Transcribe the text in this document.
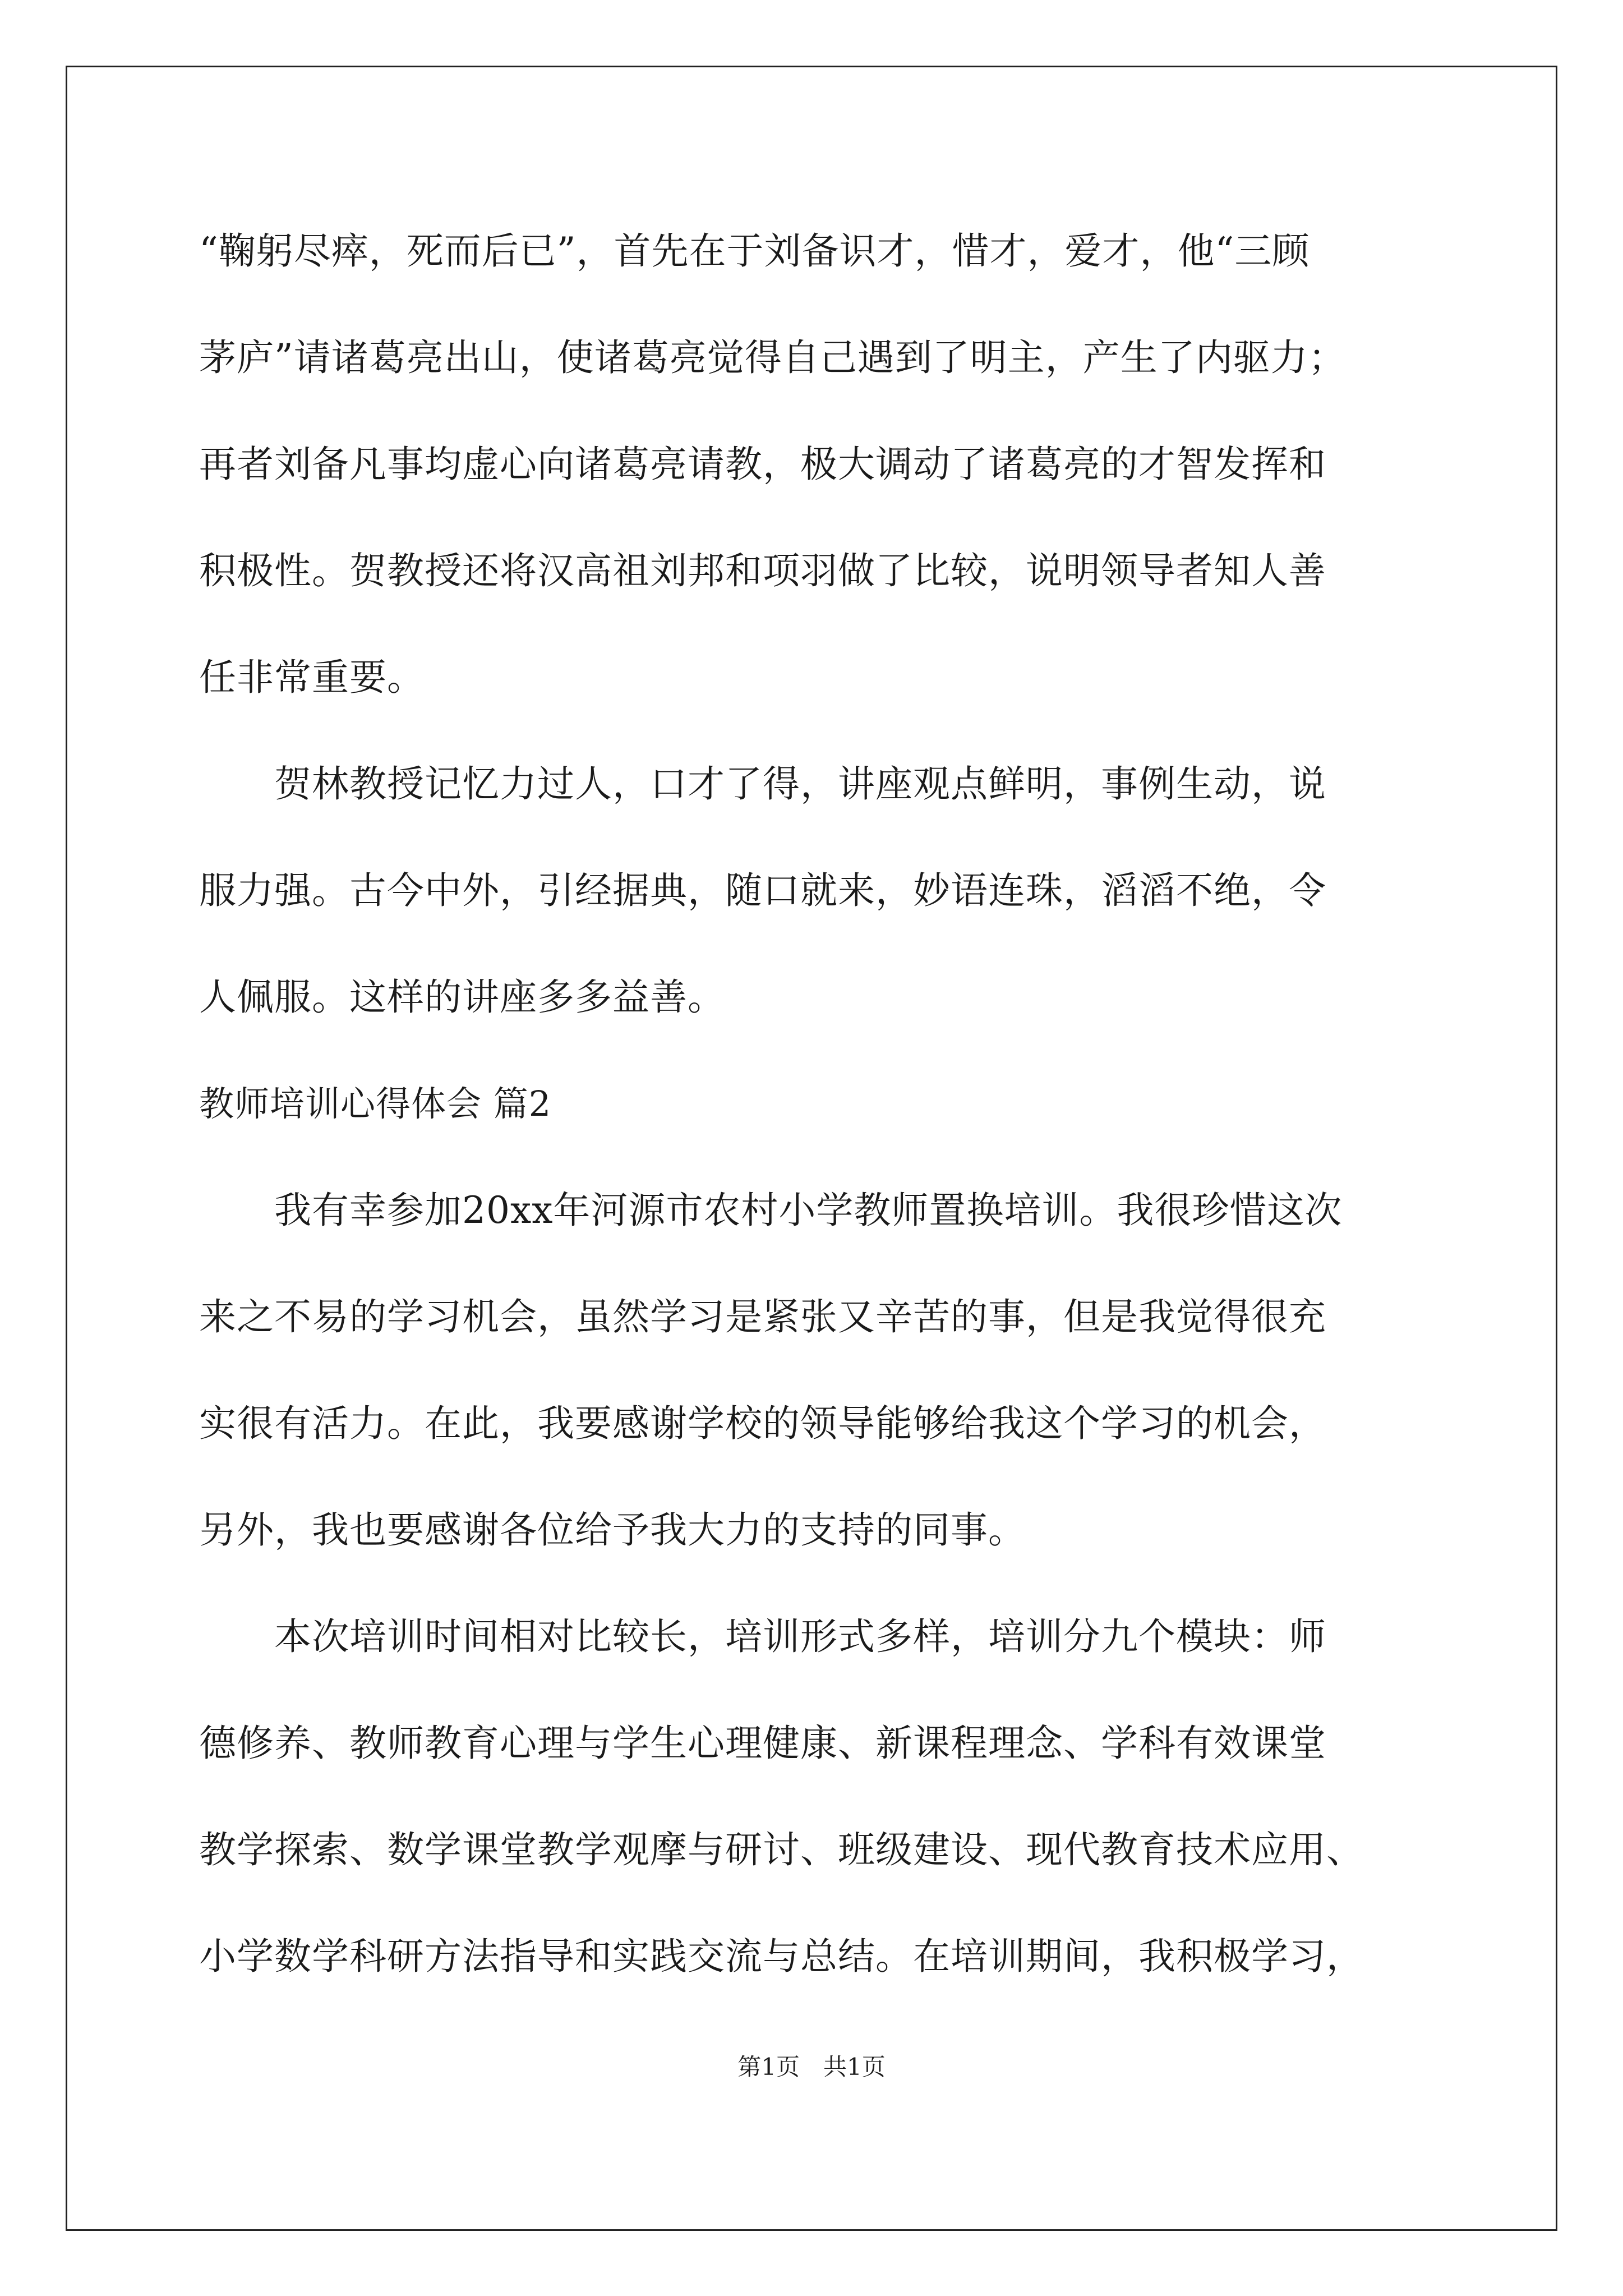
“鞠躬尽瘁，死而后已”，首先在于刘备识才，惜才，爱才，他“三顾
茅庐”请诸葛亮出山，使诸葛亮觉得自己遇到了明主，产生了内驱力；
再者刘备凡事均虚心向诸葛亮请教，极大调动了诸葛亮的才智发挥和
积极性。贺教授还将汉高祖刘邦和项羽做了比较，说明领导者知人善
任非常重要。
　　贺林教授记忆力过人，口才了得，讲座观点鲜明，事例生动，说
服力强。古今中外，引经据典，随口就来，妙语连珠，滔滔不绝，令
人佩服。这样的讲座多多益善。
教师培训心得体会 篇2
　　我有幸参加20xx年河源市农村小学教师置换培训。我很珍惜这次
来之不易的学习机会，虽然学习是紧张又辛苦的事，但是我觉得很充
实很有活力。在此，我要感谢学校的领导能够给我这个学习的机会，
另外，我也要感谢各位给予我大力的支持的同事。
　　本次培训时间相对比较长，培训形式多样，培训分九个模块：师
德修养、教师教育心理与学生心理健康、新课程理念、学科有效课堂
教学探索、数学课堂教学观摩与研讨、班级建设、现代教育技术应用、
小学数学科研方法指导和实践交流与总结。在培训期间，我积极学习，
第1页　共1页
